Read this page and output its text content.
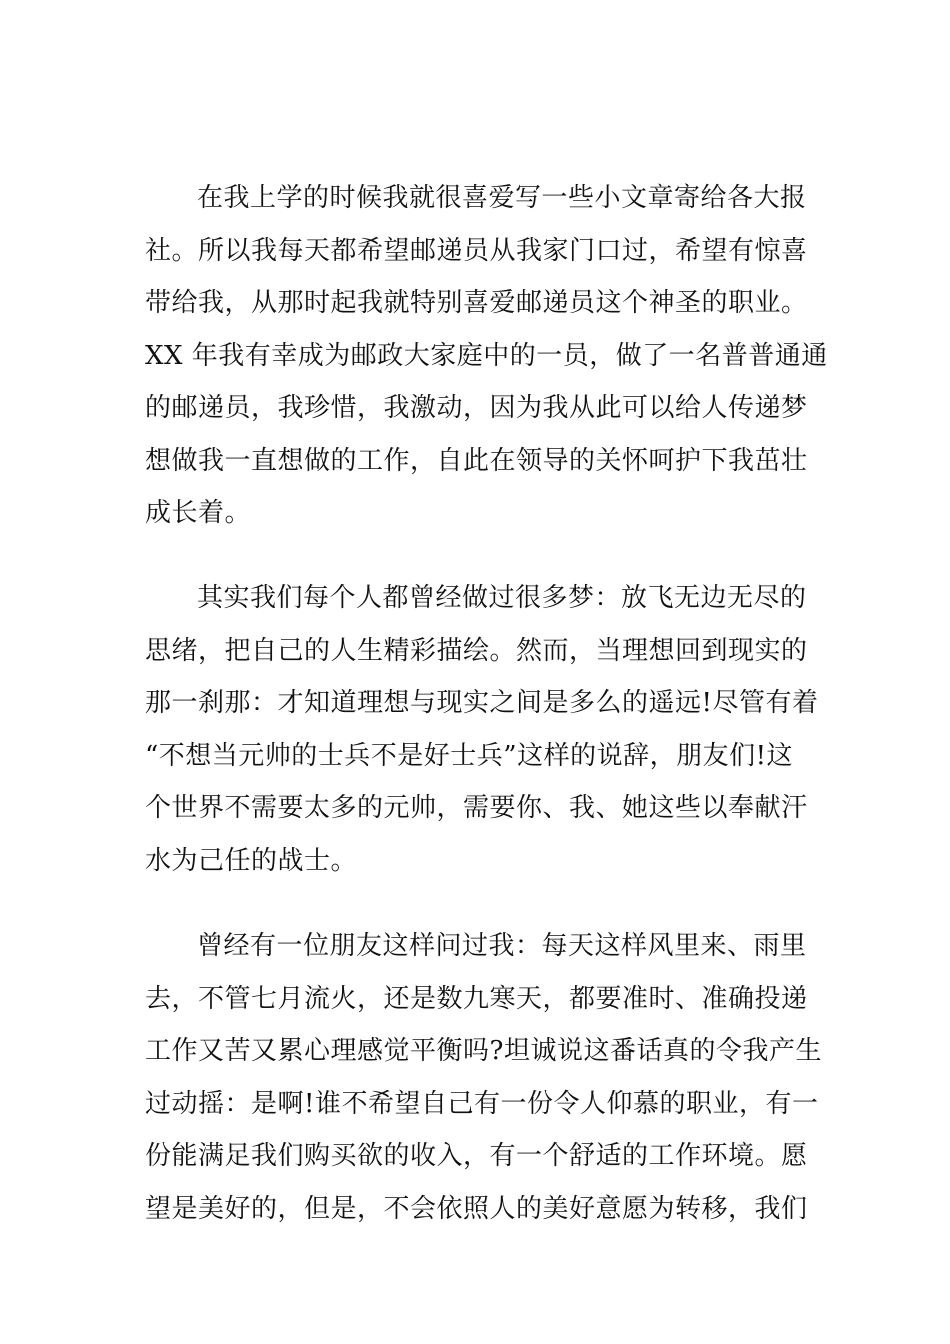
在我上学的时候我就很喜爱写一些小文章寄给各大报
社。所以我每天都希望邮递员从我家门口过，希望有惊喜
带给我，从那时起我就特别喜爱邮递员这个神圣的职业。
XX 年我有幸成为邮政大家庭中的一员，做了一名普普通通
的邮递员，我珍惜，我激动，因为我从此可以给人传递梦
想做我一直想做的工作，自此在领导的关怀呵护下我茁壮
成长着。

其实我们每个人都曾经做过很多梦：放飞无边无尽的
思绪，把自己的人生精彩描绘。然而，当理想回到现实的
那一刹那：才知道理想与现实之间是多么的遥远!尽管有着
“不想当元帅的士兵不是好士兵”这样的说辞，朋友们!这
个世界不需要太多的元帅，需要你、我、她这些以奉献汗
水为己任的战士。

曾经有一位朋友这样问过我：每天这样风里来、雨里
去，不管七月流火，还是数九寒天，都要准时、准确投递
工作又苦又累心理感觉平衡吗?坦诚说这番话真的令我产生
过动摇：是啊!谁不希望自己有一份令人仰慕的职业，有一
份能满足我们购买欲的收入，有一个舒适的工作环境。愿
望是美好的，但是，不会依照人的美好意愿为转移，我们
